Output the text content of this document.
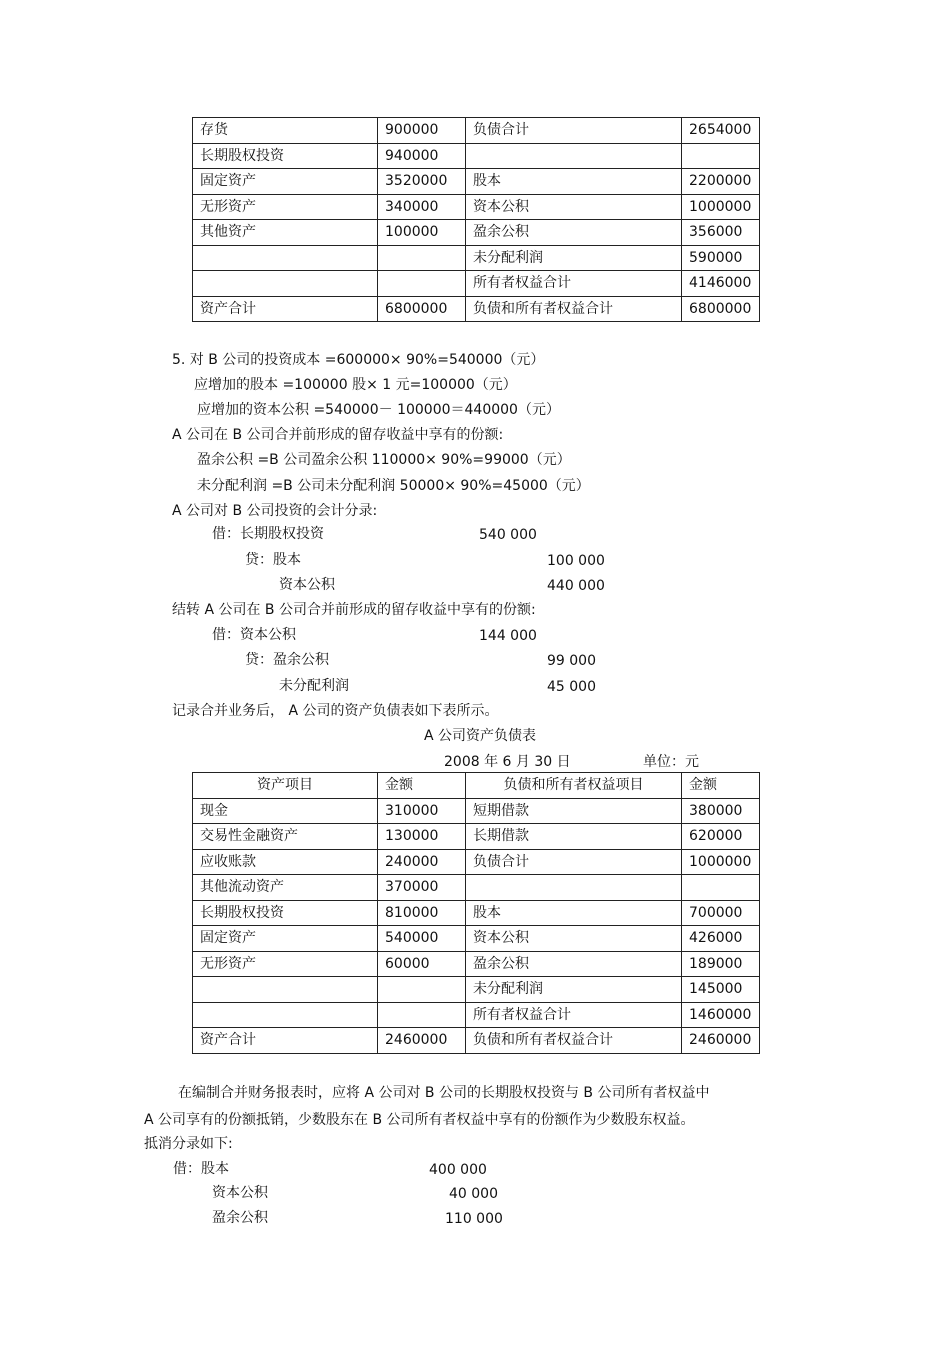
存货	900000	负债合计	2654000
长期股权投资	940000		
固定资产	3520000	股本	2200000
无形资产	340000	资本公积	1000000
其他资产	100000	盈余公积	356000
		未分配利润	590000
		所有者权益合计	4146000
资产合计	6800000	负债和所有者权益合计	6800000
5. 对 B 公司的投资成本 =600000× 90%=540000（元）
应增加的股本 =100000 股× 1 元=100000（元）
应增加的资本公积 =540000－ 100000＝440000（元）
A 公司在 B 公司合并前形成的留存收益中享有的份额:
盈余公积 =B 公司盈余公积 110000× 90%=99000（元）
未分配利润 =B 公司未分配利润 50000× 90%=45000（元）
A 公司对 B 公司投资的会计分录:
借：长期股权投资	540 000
贷：股本	100 000
资本公积	440 000
结转 A 公司在 B 公司合并前形成的留存收益中享有的份额:
借：资本公积	144 000
贷：盈余公积	99 000
未分配利润	45 000
记录合并业务后， A 公司的资产负债表如下表所示。
A 公司资产负债表
2008 年 6 月 30 日	单位：元
资产项目	金额	负债和所有者权益项目	金额
现金	310000	短期借款	380000
交易性金融资产	130000	长期借款	620000
应收账款	240000	负债合计	1000000
其他流动资产	370000		
长期股权投资	810000	股本	700000
固定资产	540000	资本公积	426000
无形资产	60000	盈余公积	189000
		未分配利润	145000
		所有者权益合计	1460000
资产合计	2460000	负债和所有者权益合计	2460000
在编制合并财务报表时，应将 A 公司对 B 公司的长期股权投资与 B 公司所有者权益中
A 公司享有的份额抵销，少数股东在 B 公司所有者权益中享有的份额作为少数股东权益。
抵消分录如下:
借：股本	400 000
资本公积	40 000
盈余公积	110 000
